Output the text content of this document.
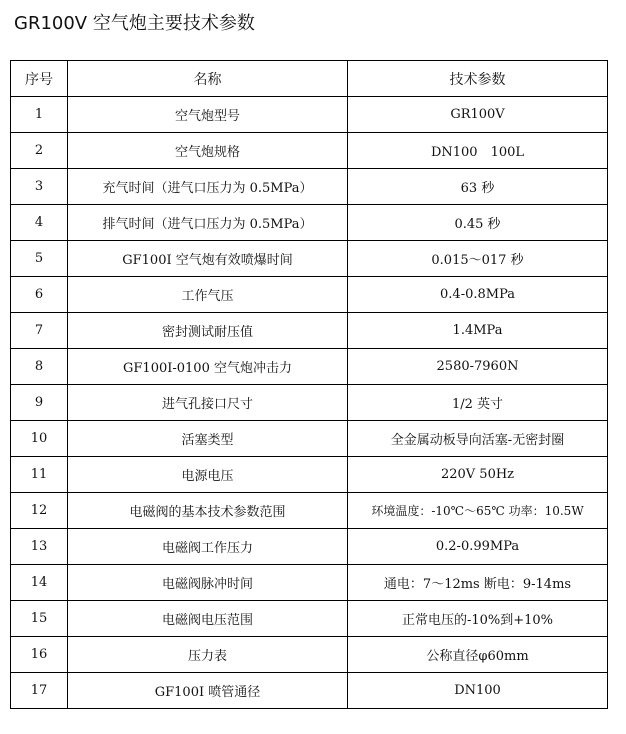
GR100V 空气炮主要技术参数
序号	名称	技术参数
1	空气炮型号	GR100V
2	空气炮规格	DN100　100L
3	充气时间（进气口压力为 0.5MPa）	63 秒
4	排气时间（进气口压力为 0.5MPa）	0.45 秒
5	GF100I 空气炮有效喷爆时间	0.015～017 秒
6	工作气压	0.4-0.8MPa
7	密封测试耐压值	1.4MPa
8	GF100I-0100 空气炮冲击力	2580-7960N
9	进气孔接口尺寸	1/2 英寸
10	活塞类型	全金属动板导向活塞-无密封圈
11	电源电压	220V 50Hz
12	电磁阀的基本技术参数范围	环境温度：-10℃～65℃ 功率：10.5W
13	电磁阀工作压力	0.2-0.99MPa
14	电磁阀脉冲时间	通电：7～12ms 断电：9-14ms
15	电磁阀电压范围	正常电压的-10%到+10%
16	压力表	公称直径φ60mm
17	GF100I 喷管通径	DN100
